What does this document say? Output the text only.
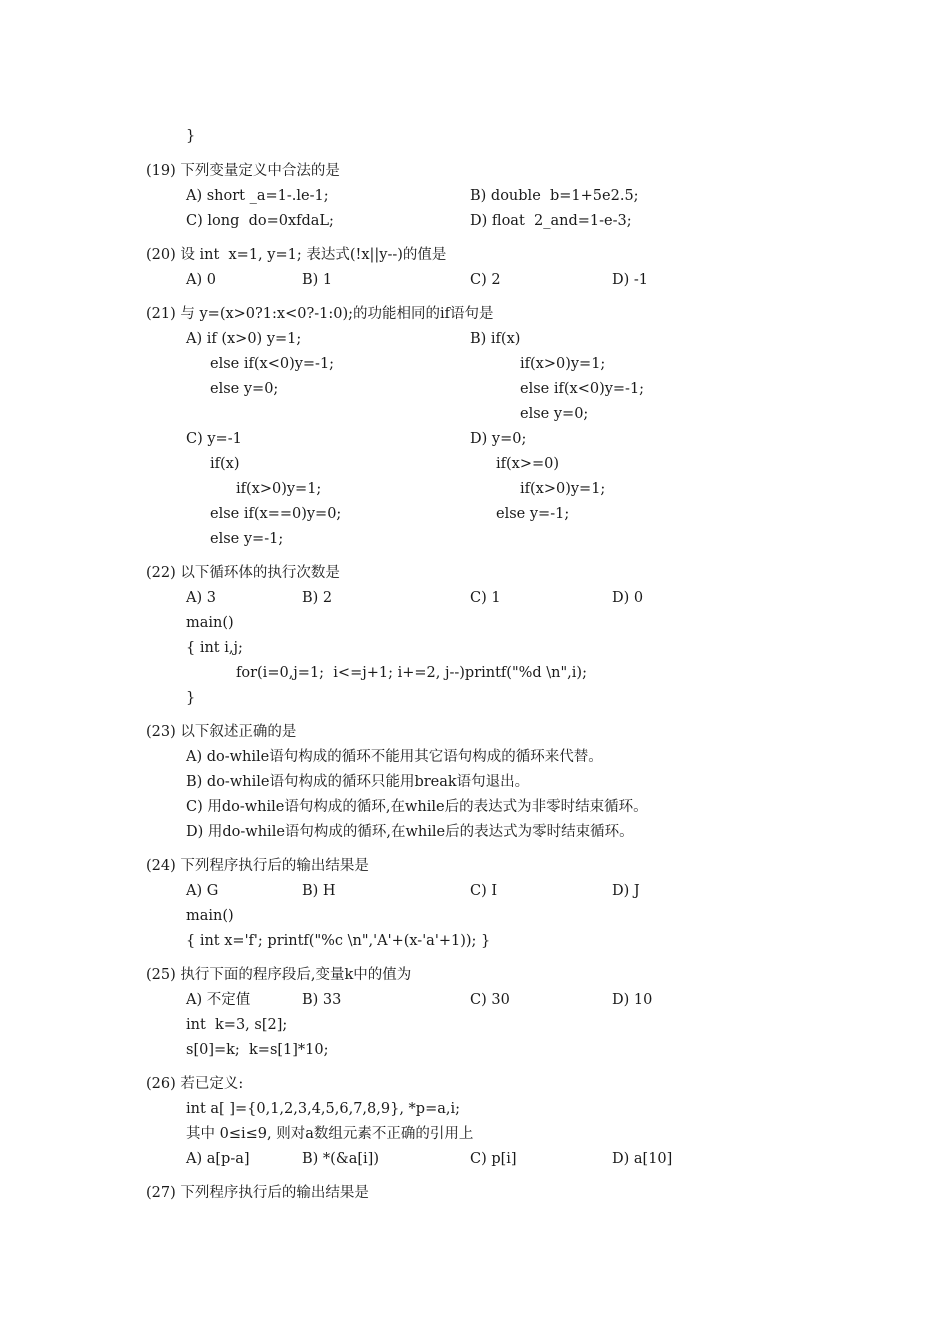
}
(19) 下列变量定义中合法的是
A) short _a=1-.le-1;	B) double  b=1+5e2.5;
C) long  do=0xfdaL;	D) float  2_and=1-e-3;
(20) 设 int  x=1, y=1; 表达式(!x||y--)的值是
A) 0	B) 1	C) 2	D) -1
(21) 与 y=(x>0?1:x<0?-1:0);的功能相同的if语句是
A) if (x>0) y=1;
else if(x<0)y=-1;
else y=0;
B) if(x)
if(x>0)y=1;
else if(x<0)y=-1;
else y=0;
C) y=-1
if(x)
if(x>0)y=1;
else if(x==0)y=0;
else y=-1;
D) y=0;
if(x>=0)
if(x>0)y=1;
else y=-1;
(22) 以下循环体的执行次数是
A) 3	B) 2	C) 1	D) 0
main()
{ int i,j;
for(i=0,j=1;  i<=j+1; i+=2, j--)printf("%d \n",i);
}
(23) 以下叙述正确的是
A) do-while语句构成的循环不能用其它语句构成的循环来代替。
B) do-while语句构成的循环只能用break语句退出。
C) 用do-while语句构成的循环,在while后的表达式为非零时结束循环。
D) 用do-while语句构成的循环,在while后的表达式为零时结束循环。
(24) 下列程序执行后的输出结果是
A) G	B) H	C) I	D) J
main()
{ int x='f'; printf("%c \n",'A'+(x-'a'+1)); }
(25) 执行下面的程序段后,变量k中的值为
A) 不定值	B) 33	C) 30	D) 10
int  k=3, s[2];
s[0]=k;  k=s[1]*10;
(26) 若已定义:
int a[ ]={0,1,2,3,4,5,6,7,8,9}, *p=a,i;
其中 0≤i≤9, 则对a数组元素不正确的引用上
A) a[p-a]	B) *(&a[i])	C) p[i]	D) a[10]
(27) 下列程序执行后的输出结果是
